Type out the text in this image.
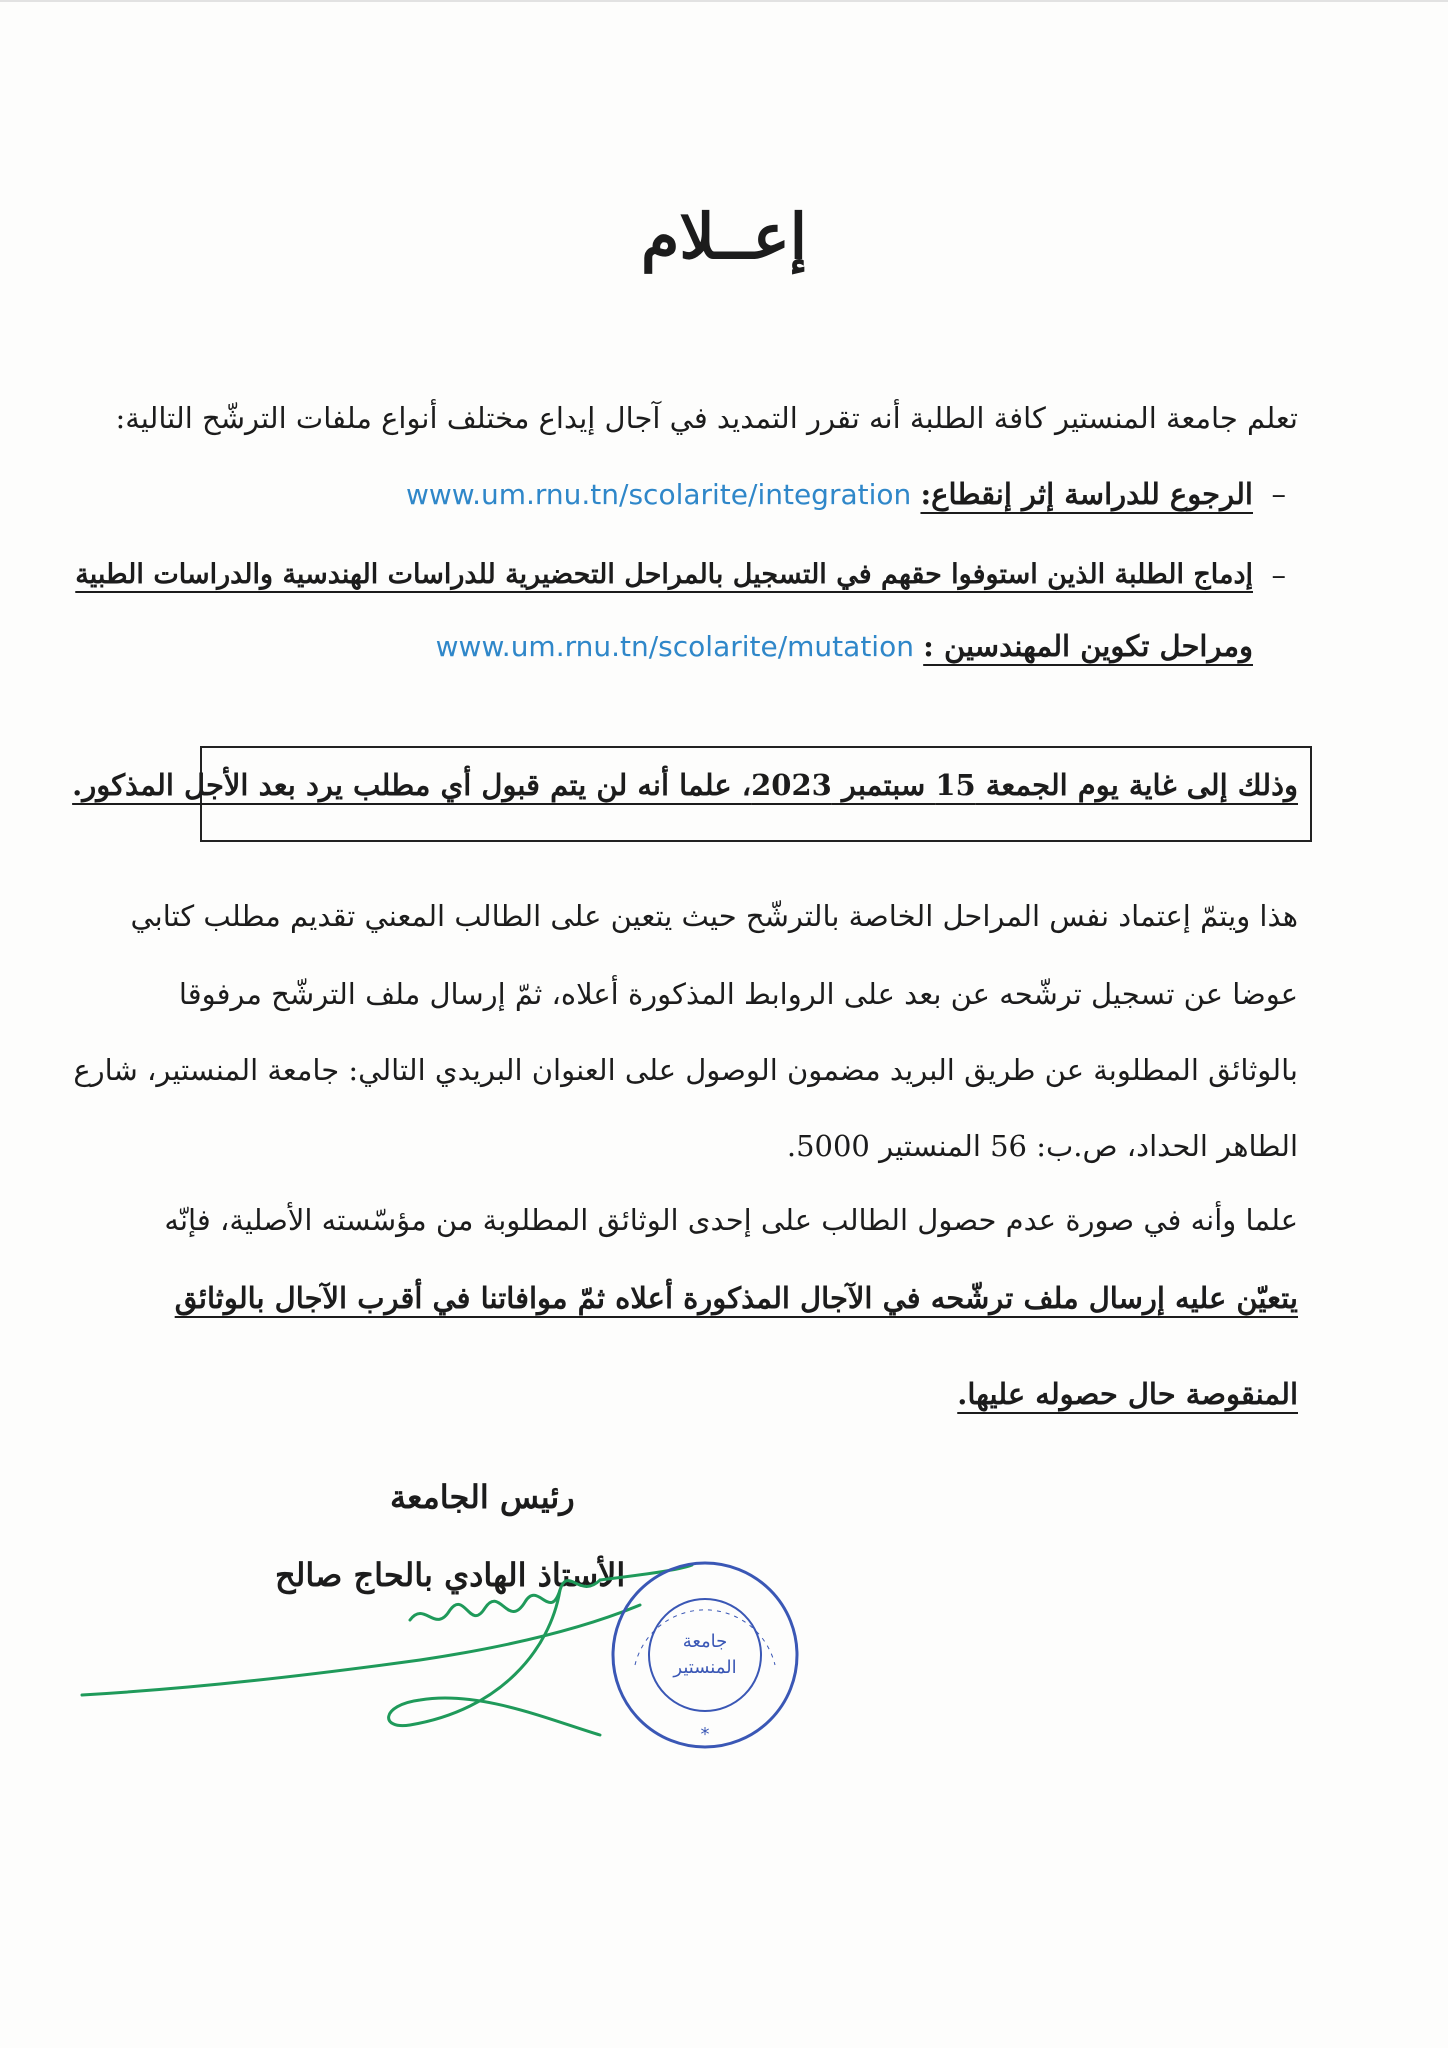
إعــلام
تعلم جامعة المنستير كافة الطلبة أنه تقرر التمديد في آجال إيداع مختلف أنواع ملفات الترشّح التالية:
–
الرجوع للدراسة إثر إنقطاع: www.um.rnu.tn/scolarite/integration
–
إدماج الطلبة الذين استوفوا حقهم في التسجيل بالمراحل التحضيرية للدراسات الهندسية والدراسات الطبية
ومراحل تكوين المهندسين : www.um.rnu.tn/scolarite/mutation
وذلك إلى غاية يوم الجمعة 15 سبتمبر 2023، علما أنه لن يتم قبول أي مطلب يرد بعد الأجل المذكور.
هذا ويتمّ إعتماد نفس المراحل الخاصة بالترشّح حيث يتعين على الطالب المعني تقديم مطلب كتابي
عوضا عن تسجيل ترشّحه عن بعد على الروابط المذكورة أعلاه، ثمّ إرسال ملف الترشّح مرفوقا
بالوثائق المطلوبة عن طريق البريد مضمون الوصول على العنوان البريدي التالي: جامعة المنستير، شارع
الطاهر الحداد، ص.ب: 56 المنستير 5000.
علما وأنه في صورة عدم حصول الطالب على إحدى الوثائق المطلوبة من مؤسّسته الأصلية، فإنّه
يتعيّن عليه إرسال ملف ترشّحه في الآجال المذكورة أعلاه ثمّ موافاتنا في أقرب الآجال بالوثائق
المنقوصة حال حصوله عليها.
رئيس الجامعة
الأستاذ الهادي بالحاج صالح
جامعة
المنستير
*
